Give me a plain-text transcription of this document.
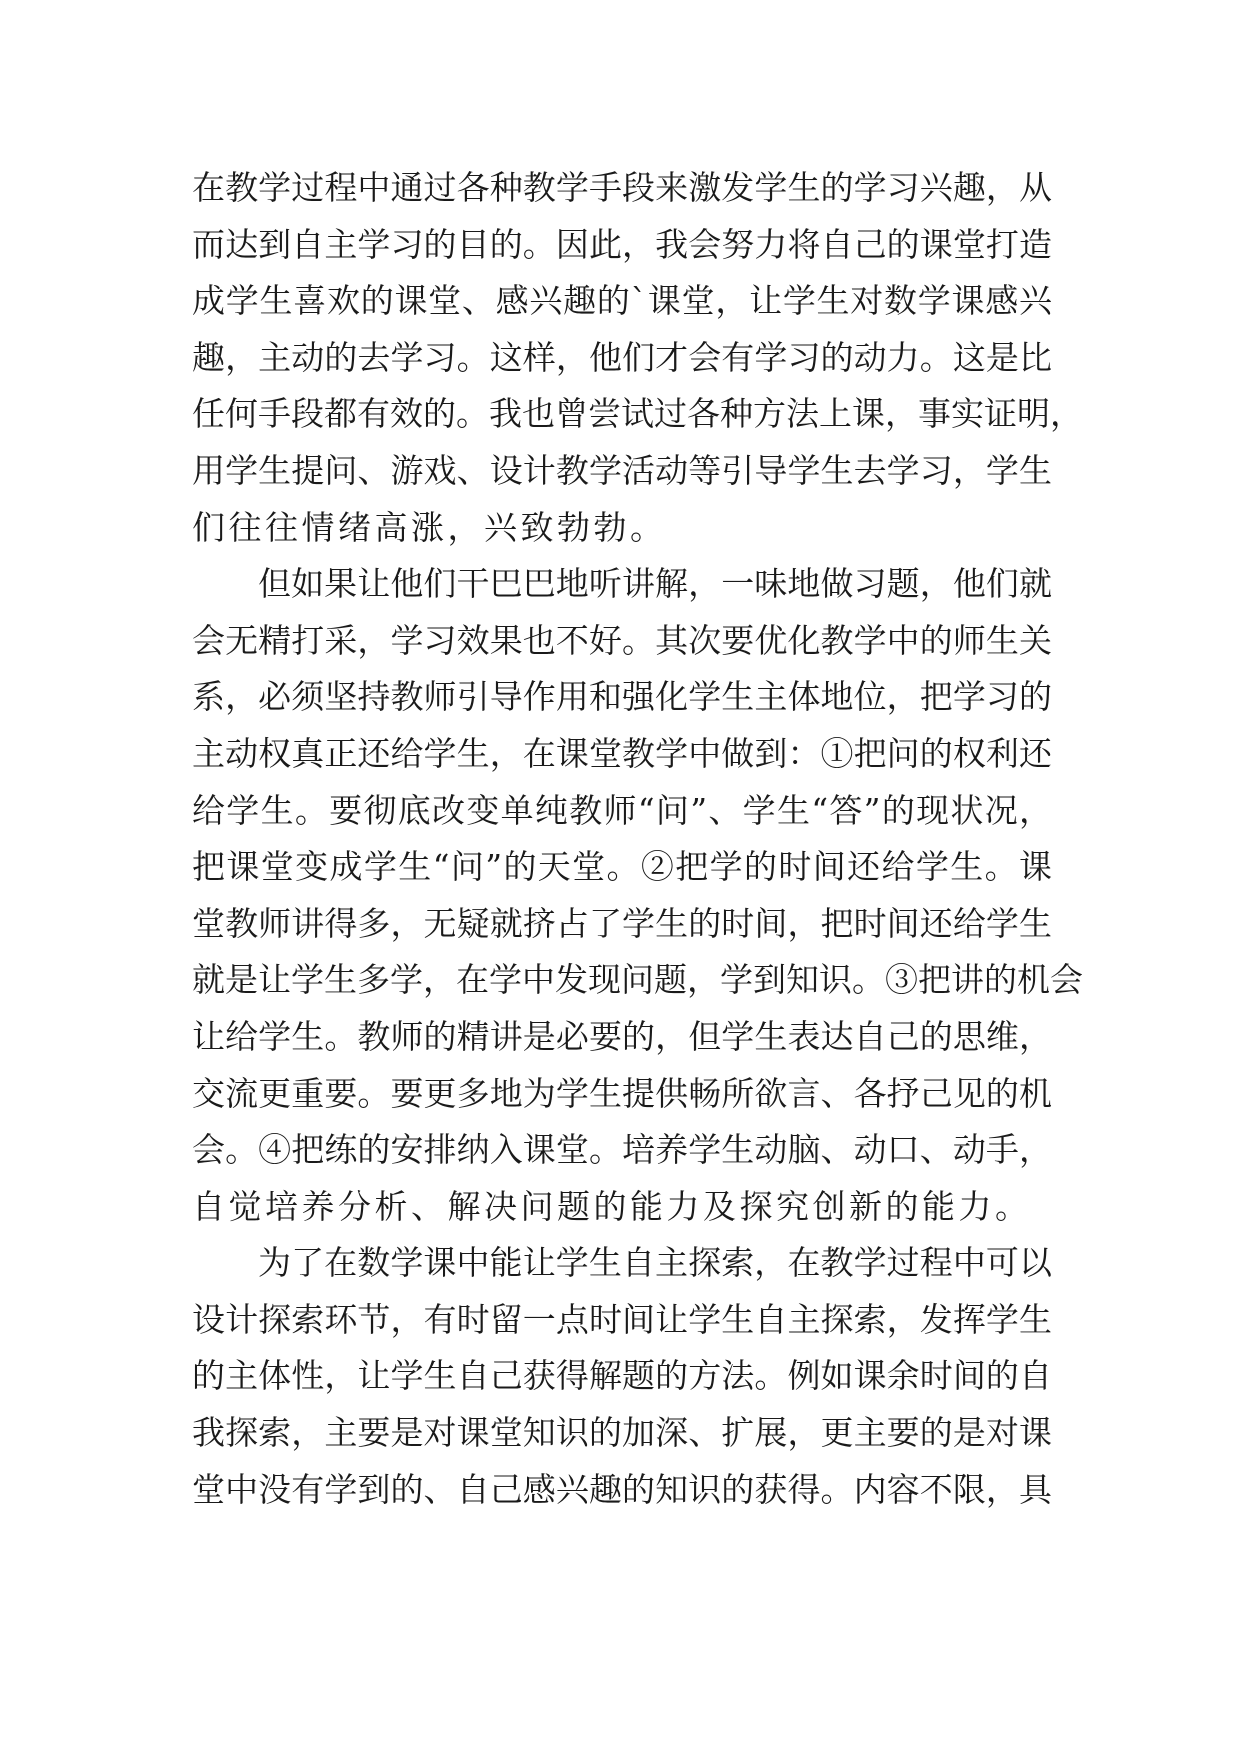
在教学过程中通过各种教学手段来激发学生的学习兴趣，从
而达到自主学习的目的。因此，我会努力将自己的课堂打造
成学生喜欢的课堂、感兴趣的`课堂，让学生对数学课感兴
趣，主动的去学习。这样，他们才会有学习的动力。这是比
任何手段都有效的。我也曾尝试过各种方法上课，事实证明，
用学生提问、游戏、设计教学活动等引导学生去学习，学生
们往往情绪高涨，兴致勃勃。
但如果让他们干巴巴地听讲解，一味地做习题，他们就
会无精打采，学习效果也不好。其次要优化教学中的师生关
系，必须坚持教师引导作用和强化学生主体地位，把学习的
主动权真正还给学生，在课堂教学中做到：①把问的权利还
给学生。要彻底改变单纯教师“问”、学生“答”的现状况，
把课堂变成学生“问”的天堂。②把学的时间还给学生。课
堂教师讲得多，无疑就挤占了学生的时间，把时间还给学生
就是让学生多学，在学中发现问题，学到知识。③把讲的机会
让给学生。教师的精讲是必要的，但学生表达自己的思维，
交流更重要。要更多地为学生提供畅所欲言、各抒己见的机
会。④把练的安排纳入课堂。培养学生动脑、动口、动手，
自觉培养分析、解决问题的能力及探究创新的能力。
为了在数学课中能让学生自主探索，在教学过程中可以
设计探索环节，有时留一点时间让学生自主探索，发挥学生
的主体性，让学生自己获得解题的方法。例如课余时间的自
我探索，主要是对课堂知识的加深、扩展，更主要的是对课
堂中没有学到的、自己感兴趣的知识的获得。内容不限，具
